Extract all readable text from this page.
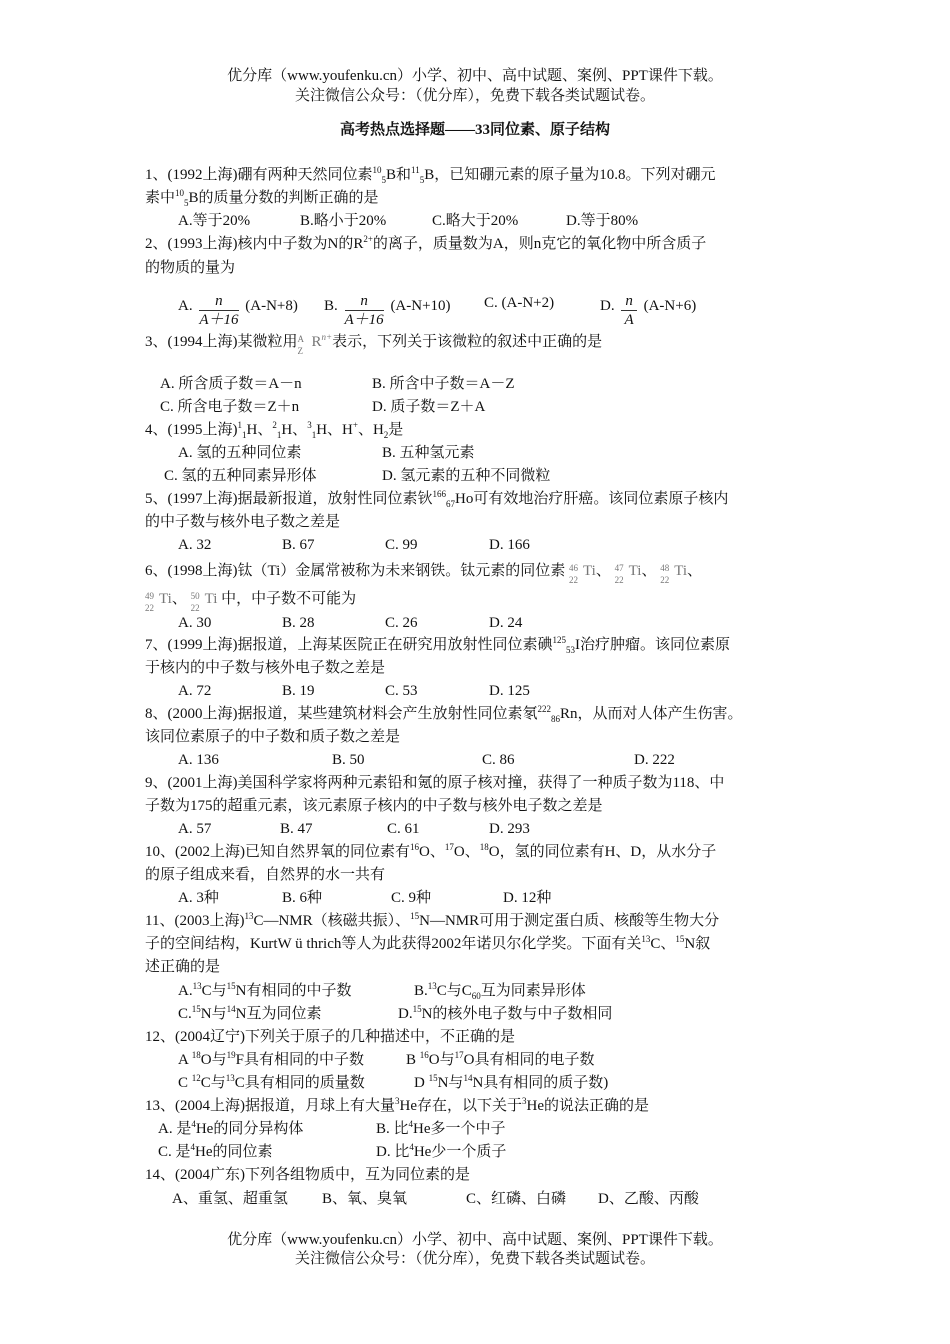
优分库（www.youfenku.cn）小学、初中、高中试题、案例、PPT课件下载。
关注微信公众号：（优分库），免费下载各类试题试卷。
高考热点选择题——33同位素、原子结构
1、(1992上海)硼有两种天然同位素$^{10}_5$B和$^{11}_5$B，已知硼元素的原子量为10.8。下列对硼元
素中$^{10}_5$B的质量分数的判断正确的是
A.等于20%	B.略小于20%	C.略大于20%	D.等于80%
2、(1993上海)核内中子数为N的$R^{2+}$的离子，质量数为A，则n克它的氧化物中所含质子
的物质的量为
A. $\frac{n}{A+16} (A-N+8)$ B. $\frac{n}{A+16} (A-N+10)$ C. (A-N+2)	D. $\frac{n}{A} (A-N+6)$
3、(1994上海)某微粒用 A
Z
$R^{n+}$表示，下列关于该微粒的叙述中正确的是
A. 所含质子数＝A－n	B. 所含中子数＝A－Z
C. 所含电子数＝Z＋n	D. 质子数＝Z＋A
4、(1995上海)$^1_1$H、$^2_1$H、$^3_1$H、H+、$H_2$是
A. 氢的五种同位素	B. 五种氢元素
C. 氢的五种同素异形体	D. 氢元素的五种不同微粒
5、(1997上海)据最新报道，放射性同位素钬$^{166}_{67}$Ho可有效地治疗肝癌。该同位素原子核内
的中子数与核外电子数之差是
A. 32	B. 67	C. 99	D. 166
6、(1998上海)钛（Ti）金属常被称为未来钢铁。钛元素的同位素 46
22
Ti、 47
22
Ti、 48
22
Ti、
49
22
Ti、 50
22
Ti 中，中子数不可能为
A. 30	B. 28	C. 26	D. 24
7、(1999上海)据报道，上海某医院正在研究用放射性同位素碘$^{125}_{53}$I治疗肿瘤。该同位素原
于核内的中子数与核外电子数之差是
A. 72	B. 19	C. 53	D. 125
8、(2000上海)据报道，某些建筑材料会产生放射性同位素氡$^{222}_{86}$Rn，从而对人体产生伤害。
该同位素原子的中子数和质子数之差是
A. 136	B. 50	C. 86	D. 222
9、(2001上海)美国科学家将两种元素铅和氪的原子核对撞，获得了一种质子数为118、中
子数为175的超重元素，该元素原子核内的中子数与核外电子数之差是
A. 57	B. 47	C. 61	D. 293
10、(2002上海)已知自然界氧的同位素有$^{16}$O、$^{17}$O、$^{18}$O，氢的同位素有H、D，从水分子
的原子组成来看，自然界的水一共有
A. 3种	B. 6种	C. 9种	D. 12种
11、(2003上海)$^{13}$C—NMR（核磁共振）、$^{15}$N—NMR可用于测定蛋白质、核酸等生物大分
子的空间结构，KurtW ü thrich等人为此获得2002年诺贝尔化学奖。下面有关$^{13}$C、$^{15}$N叙
述正确的是
A.$^{13}$C与$^{15}$N有相同的中子数	B.$^{13}$C与$C_{60}$互为同素异形体
C.$^{15}$N与$^{14}$N互为同位素	D.$^{15}$N的核外电子数与中子数相同
12、(2004辽宁)下列关于原子的几种描述中，不正确的是
A $^{18}$O与$^{19}$F具有相同的中子数	B $^{16}$O与$^{17}$O具有相同的电子数
C $^{12}$C与$^{13}$C具有相同的质量数	D $^{15}$N与$^{14}$N具有相同的质子数)
13、(2004上海)据报道，月球上有大量$^3$He存在，以下关于$^3$He的说法正确的是
A. 是$^4$He的同分异构体	B. 比$^4$He多一个中子
C. 是$^4$He的同位素	D. 比$^4$He少一个质子
14、(2004广东)下列各组物质中，互为同位素的是
A、重氢、超重氢 B、氧、臭氧	C、红磷、白磷 D、乙酸、丙酸
优分库（www.youfenku.cn）小学、初中、高中试题、案例、PPT课件下载。
关注微信公众号：（优分库），免费下载各类试题试卷。
